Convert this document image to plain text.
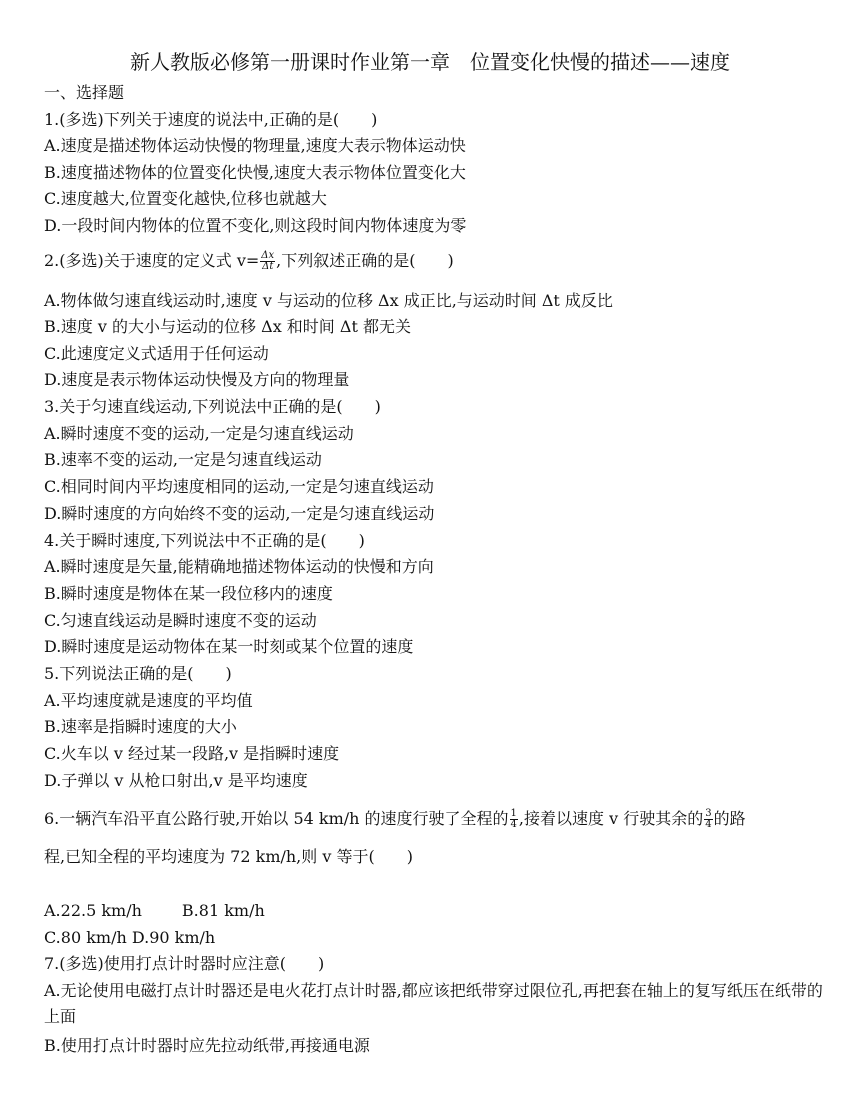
新人教版必修第一册课时作业第一章　位置变化快慢的描述——速度
一、选择题
1.(多选)下列关于速度的说法中,正确的是(　　)
A.速度是描述物体运动快慢的物理量,速度大表示物体运动快
B.速度描述物体的位置变化快慢,速度大表示物体位置变化大
C.速度越大,位置变化越快,位移也就越大
D.一段时间内物体的位置不变化,则这段时间内物体速度为零
2.(多选)关于速度的定义式 $v= \frac{\Delta x}{\Delta t}$ ,下列叙述正确的是(　　)
A.物体做匀速直线运动时,速度 v 与运动的位移 Δx 成正比,与运动时间 Δt 成反比
B.速度 v 的大小与运动的位移 Δx 和时间 Δt 都无关
C.此速度定义式适用于任何运动
D.速度是表示物体运动快慢及方向的物理量
3.关于匀速直线运动,下列说法中正确的是(　　)
A.瞬时速度不变的运动,一定是匀速直线运动
B.速率不变的运动,一定是匀速直线运动
C.相同时间内平均速度相同的运动,一定是匀速直线运动
D.瞬时速度的方向始终不变的运动,一定是匀速直线运动
4.关于瞬时速度,下列说法中不正确的是(　　)
A.瞬时速度是矢量,能精确地描述物体运动的快慢和方向
B.瞬时速度是物体在某一段位移内的速度
C.匀速直线运动是瞬时速度不变的运动
D.瞬时速度是运动物体在某一时刻或某个位置的速度
5.下列说法正确的是(　　)
A.平均速度就是速度的平均值
B.速率是指瞬时速度的大小
C.火车以 v 经过某一段路,v 是指瞬时速度
D.子弹以 v 从枪口射出,v 是平均速度
6.一辆汽车沿平直公路行驶,开始以 54 km/h 的速度行驶了全程的 $\frac{1}{4}$ ,接着以速度 v 行驶其余的 $\frac{3}{4}$ 的路
程,已知全程的平均速度为 72 km/h,则 v 等于(　　)
A.22.5 km/h	B.81 km/h
C.80 km/h D.90 km/h
7.(多选)使用打点计时器时应注意(　　)
A.无论使用电磁打点计时器还是电火花打点计时器,都应该把纸带穿过限位孔,再把套在轴上的复写纸压在纸带的上面
B.使用打点计时器时应先拉动纸带,再接通电源
